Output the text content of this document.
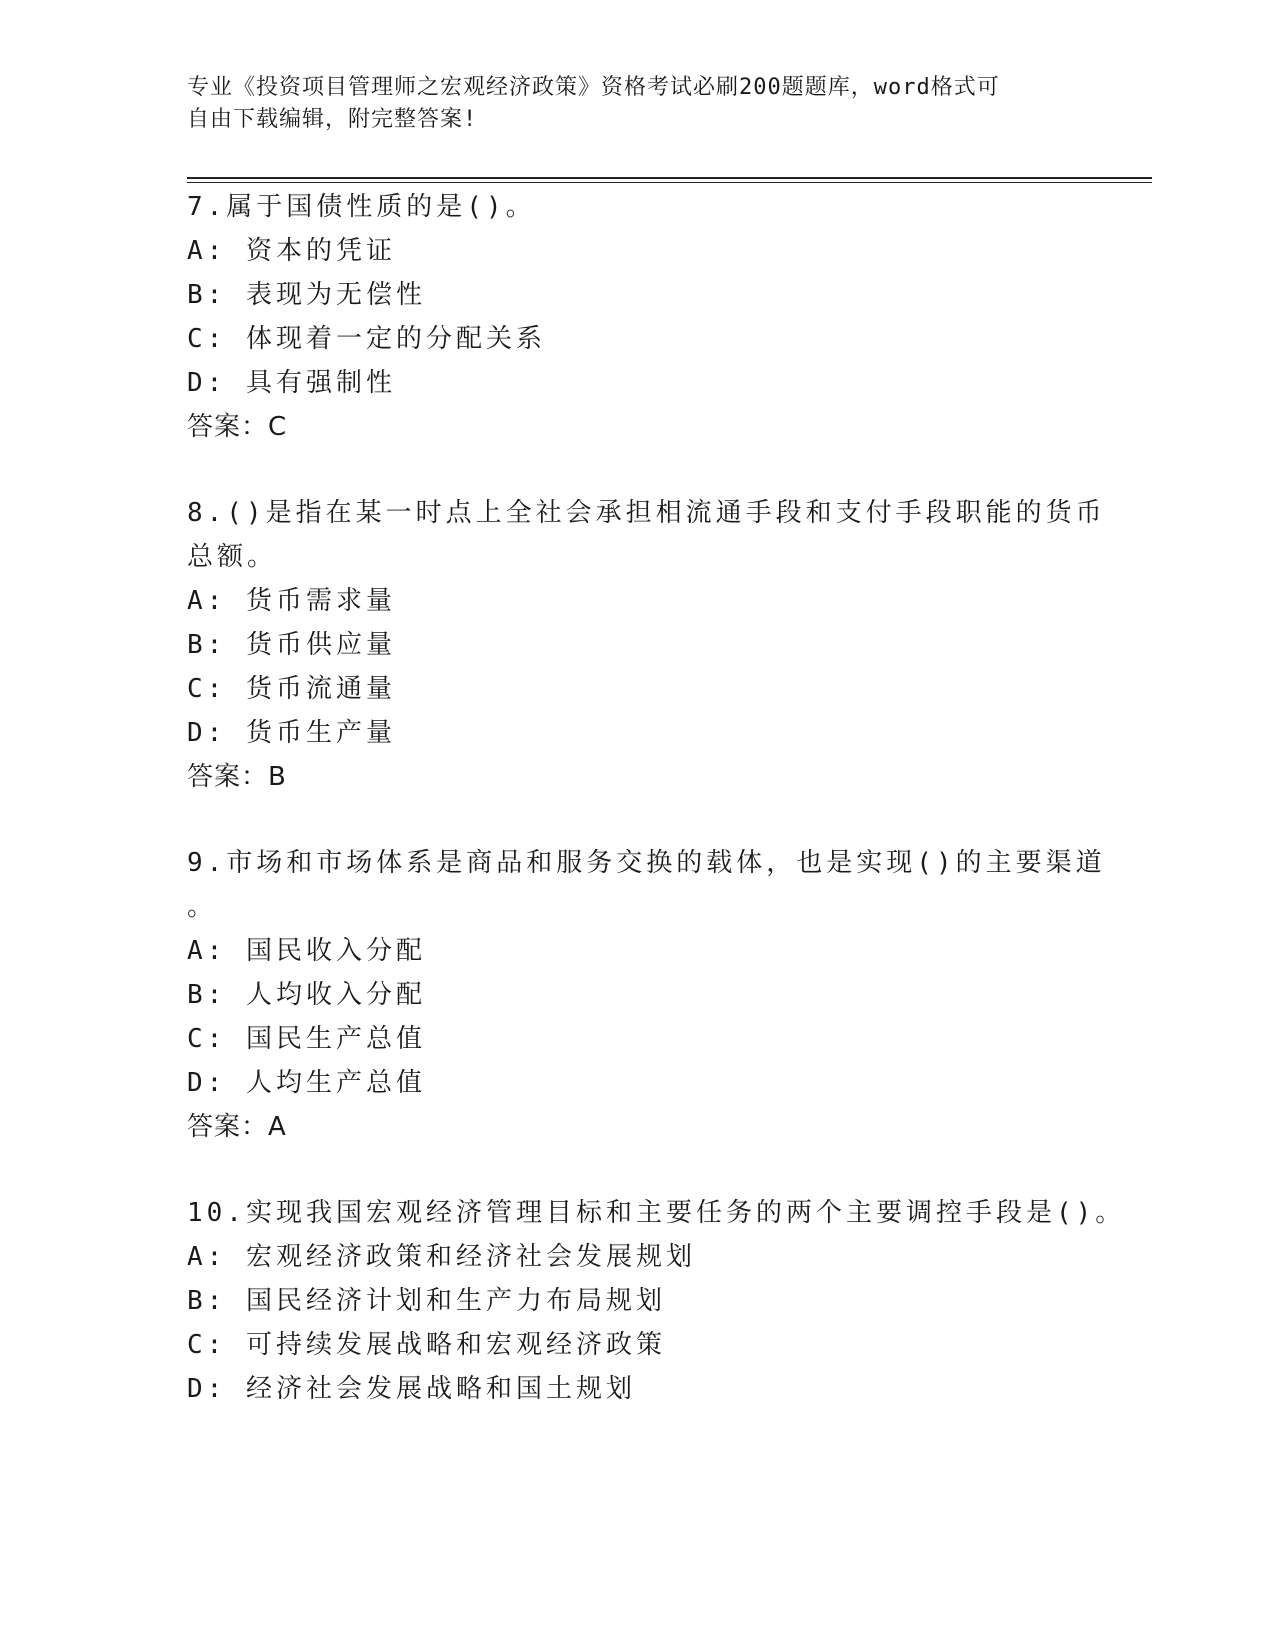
专业《投资项目管理师之宏观经济政策》资格考试必刷200题题库，word格式可

自由下载编辑，附完整答案!

7.属于国债性质的是()。
A: 资本的凭证
B: 表现为无偿性
C: 体现着一定的分配关系
D: 具有强制性
答案：C
8.()是指在某一时点上全社会承担相流通手段和支付手段职能的货币
总额。
A: 货币需求量
B: 货币供应量
C: 货币流通量
D: 货币生产量
答案：B
9.市场和市场体系是商品和服务交换的载体，也是实现()的主要渠道
。
A: 国民收入分配
B: 人均收入分配
C: 国民生产总值
D: 人均生产总值
答案：A
10.实现我国宏观经济管理目标和主要任务的两个主要调控手段是()。
A: 宏观经济政策和经济社会发展规划
B: 国民经济计划和生产力布局规划
C: 可持续发展战略和宏观经济政策
D: 经济社会发展战略和国土规划
